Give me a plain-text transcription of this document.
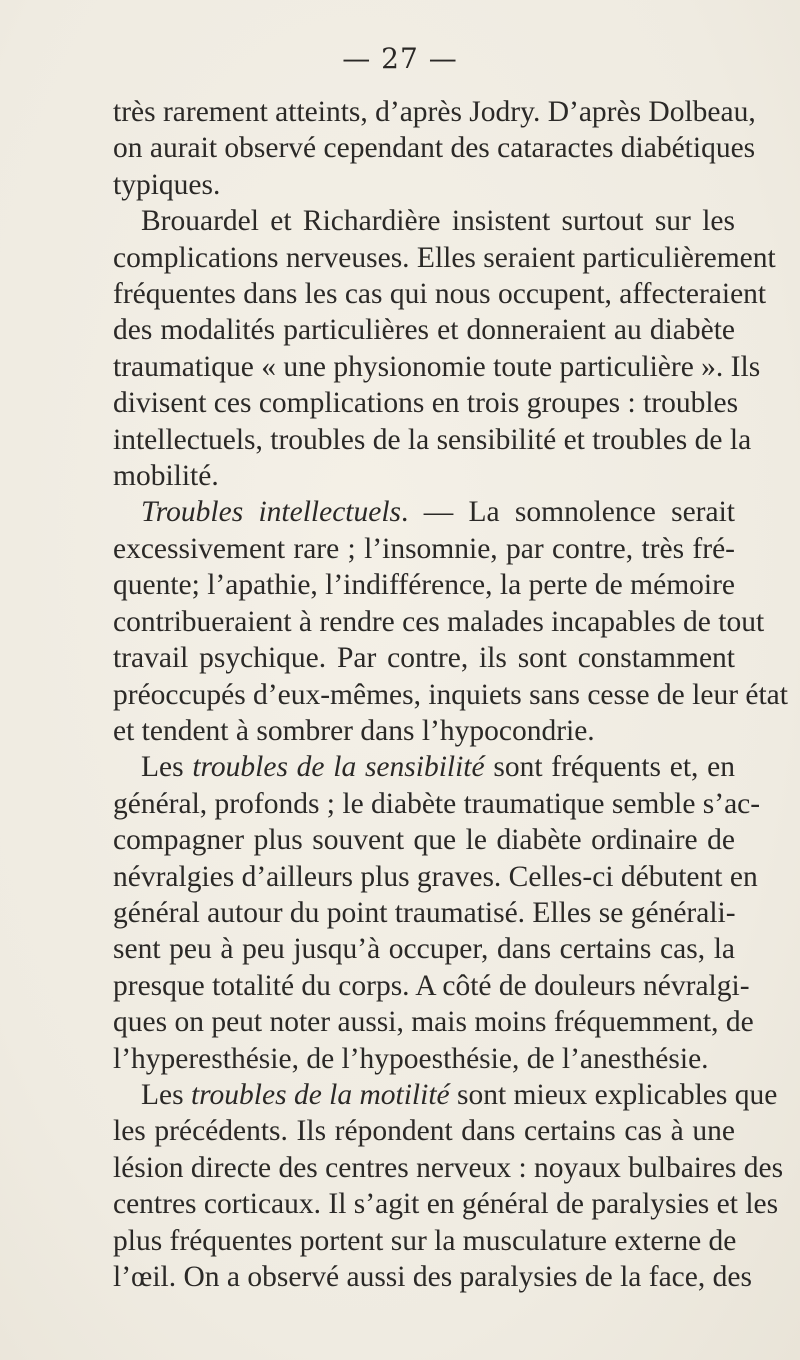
— 27 —

très rarement atteints, d’après Jodry. D’après Dolbeau,
on aurait observé cependant des cataractes diabétiques
typiques.

Brouardel et Richardière insistent surtout sur les
complications nerveuses. Elles seraient particulièrement
fréquentes dans les cas qui nous occupent, affecteraient
des modalités particulières et donneraient au diabète
traumatique « une physionomie toute particulière ». Ils
divisent ces complications en trois groupes : troubles
intellectuels, troubles de la sensibilité et troubles de la
mobilité.

Troubles intellectuels. — La somnolence serait
excessivement rare ; l’insomnie, par contre, très fré-
quente; l’apathie, l’indifférence, la perte de mémoire
contribueraient à rendre ces malades incapables de tout
travail psychique. Par contre, ils sont constamment
préoccupés d’eux-mêmes, inquiets sans cesse de leur état
et tendent à sombrer dans l’hypocondrie.

Les troubles de la sensibilité sont fréquents et, en
général, profonds ; le diabète traumatique semble s’ac-
compagner plus souvent que le diabète ordinaire de
névralgies d’ailleurs plus graves. Celles-ci débutent en
général autour du point traumatisé. Elles se générali-
sent peu à peu jusqu’à occuper, dans certains cas, la
presque totalité du corps. A côté de douleurs névralgi-
ques on peut noter aussi, mais moins fréquemment, de
l’hyperesthésie, de l’hypoesthésie, de l’anesthésie.

Les troubles de la motilité sont mieux explicables que
les précédents. Ils répondent dans certains cas à une
lésion directe des centres nerveux : noyaux bulbaires des
centres corticaux. Il s’agit en général de paralysies et les
plus fréquentes portent sur la musculature externe de
l’œil. On a observé aussi des paralysies de la face, des
